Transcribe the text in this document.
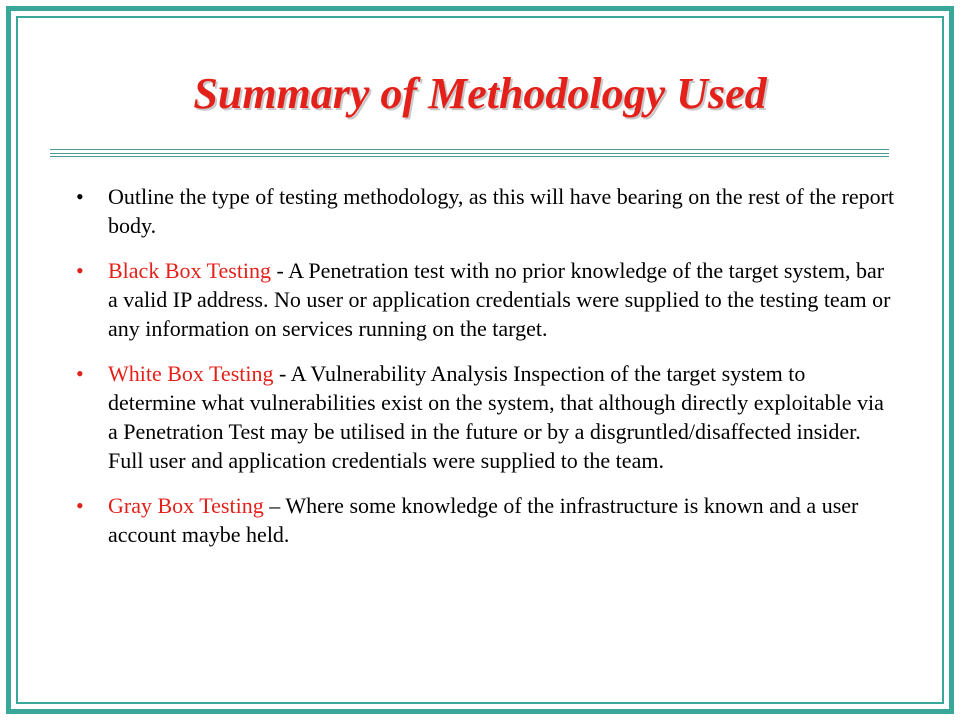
Summary of Methodology Used
•	Outline the type of testing methodology, as this will have bearing on the rest of the report body.
•	Black Box Testing - A Penetration test with no prior knowledge of the target system, bar a valid IP address. No user or application credentials were supplied to the testing team or any information on services running on the target.
•	White Box Testing - A Vulnerability Analysis Inspection of the target system to determine what vulnerabilities exist on the system, that although directly exploitable via a Penetration Test may be utilised in the future or by a disgruntled/disaffected insider. Full user and application credentials were supplied to the team.
•	Gray Box Testing – Where some knowledge of the infrastructure is known and a user account maybe held.
